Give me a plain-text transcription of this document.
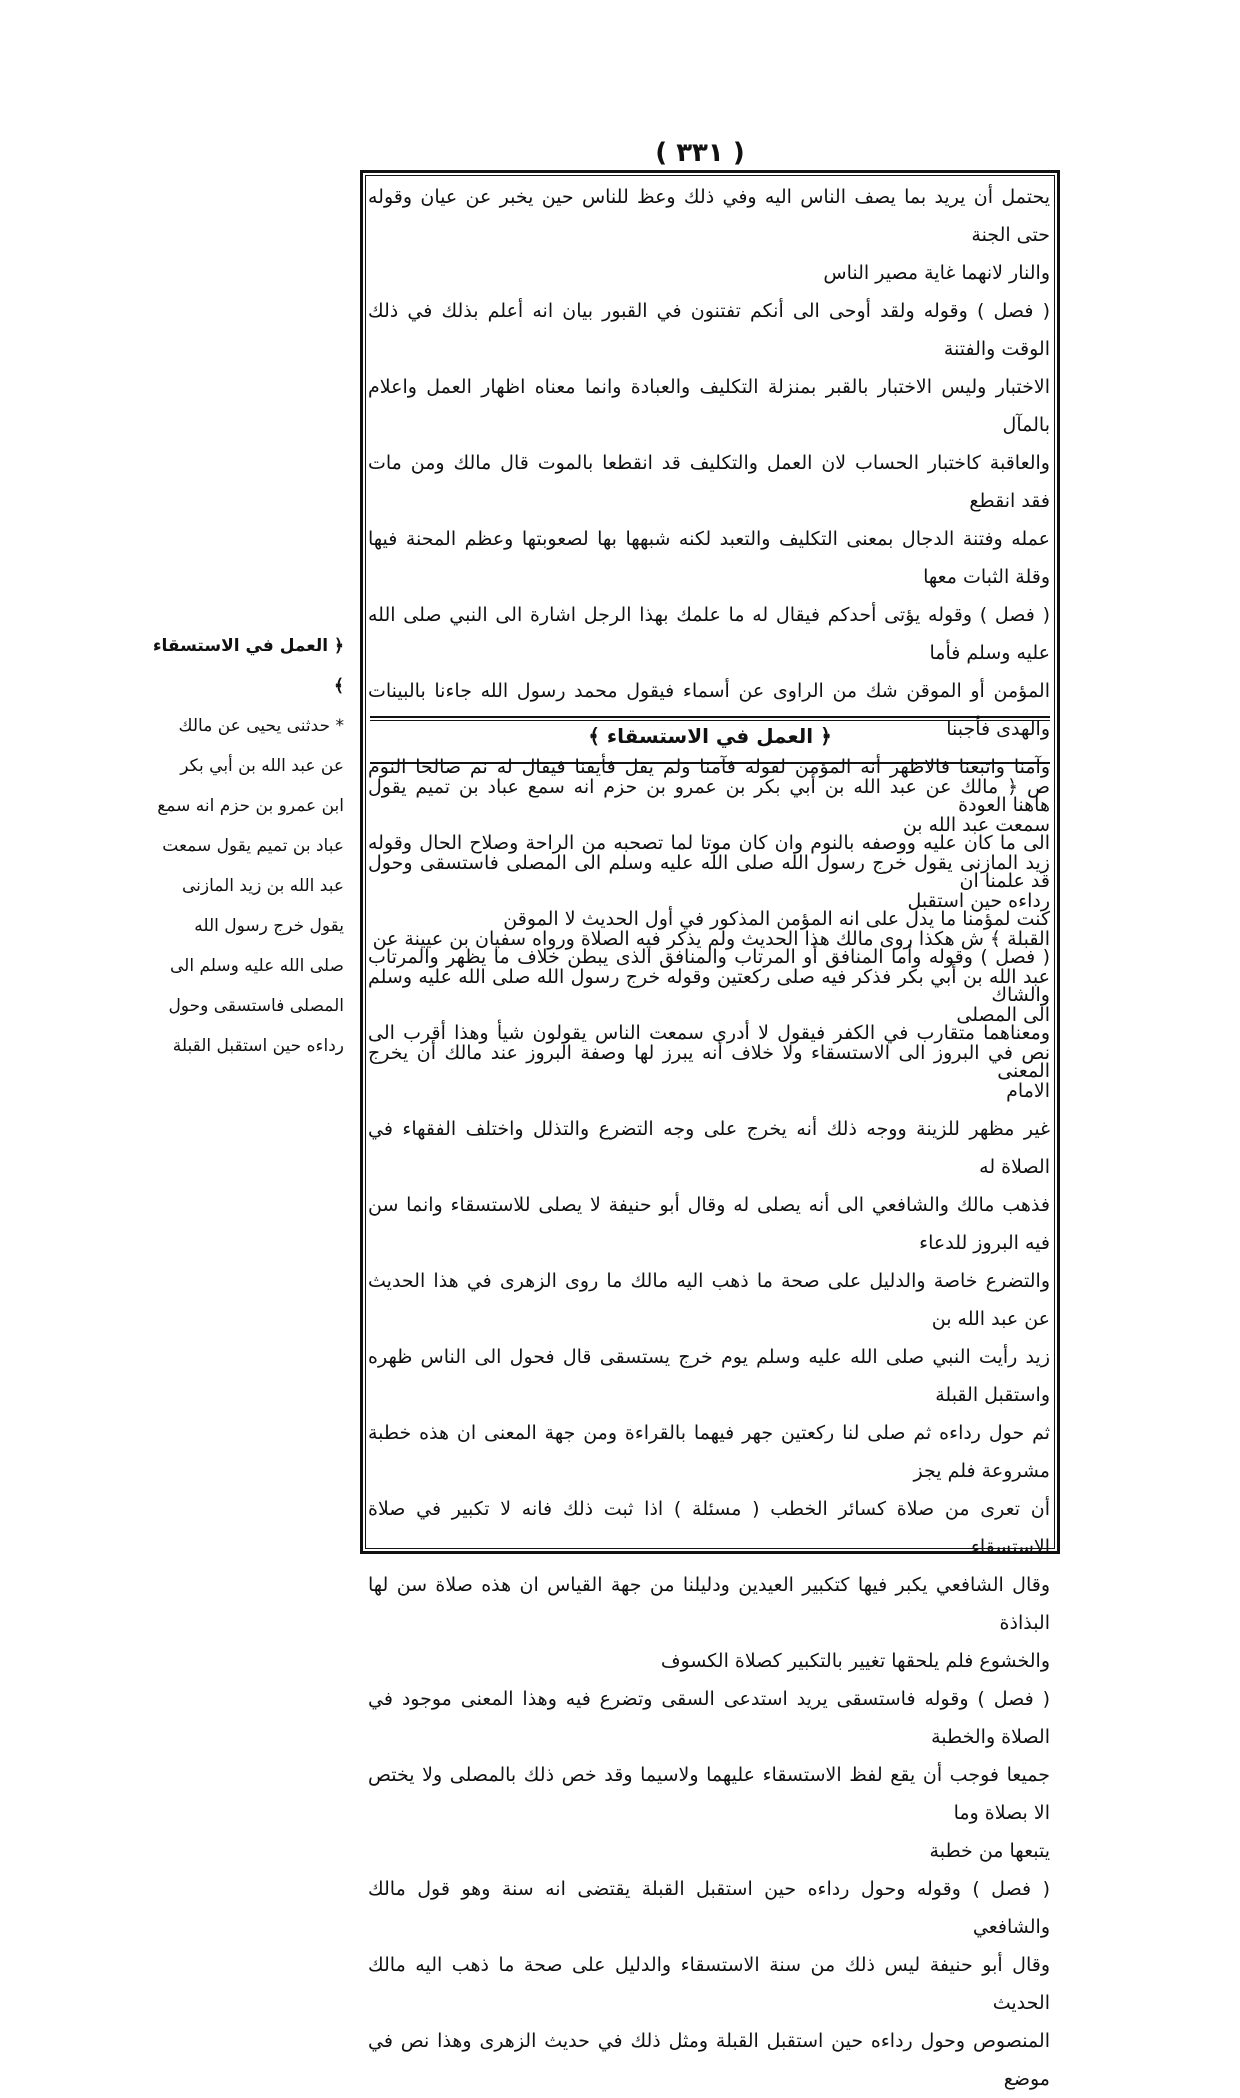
( ٣٣١ )

يحتمل أن يريد بما يصف الناس اليه وفي ذلك وعظ للناس حين يخبر عن عيان وقوله حتى الجنة

والنار لانهما غاية مصير الناس

( فصل ) وقوله ولقد أوحى الى أنكم تفتنون في القبور بيان انه أعلم بذلك في ذلك الوقت والفتنة

الاختبار وليس الاختبار بالقبر بمنزلة التكليف والعبادة وانما معناه اظهار العمل واعلام بالمآل

والعاقبة كاختبار الحساب لان العمل والتكليف قد انقطعا بالموت قال مالك ومن مات فقد انقطع

عمله وفتنة الدجال بمعنى التكليف والتعبد لكنه شبهها بها لصعوبتها وعظم المحنة فيها وقلة الثبات معها

( فصل ) وقوله يؤتى أحدكم فيقال له ما علمك بهذا الرجل اشارة الى النبي صلى الله عليه وسلم فأما

المؤمن أو الموقن شك من الراوى عن أسماء فيقول محمد رسول الله جاءنا بالبينات والهدى فأجبنا

وآمنا واتبعنا فالاظهر أنه المؤمن لقوله فآمنا ولم يقل فأيقنا فيقال له نم صالحا النوم هاهنا العودة

الى ما كان عليه ووصفه بالنوم وان كان موتا لما تصحبه من الراحة وصلاح الحال وقوله قد علمنا ان

كنت لمؤمنا ما يدل على انه المؤمن المذكور في أول الحديث لا الموقن

( فصل ) وقوله وأما المنافق أو المرتاب والمنافق الذى يبطن خلاف ما يظهر والمرتاب والشاك

ومعناهما متقارب في الكفر فيقول لا أدرى سمعت الناس يقولون شيأ وهذا أقرب الى المعنى

﴿ العمل في الاستسقاء ﴾

ص ﴿ مالك عن عبد الله بن أبي بكر بن عمرو بن حزم انه سمع عباد بن تميم يقول سمعت عبد الله بن

زيد المازنى يقول خرج رسول الله صلى الله عليه وسلم الى المصلى فاستسقى وحول رداءه حين استقبل

القبلة ﴾ ش هكذا روى مالك هذا الحديث ولم يذكر فيه الصلاة ورواه سفيان بن عيينة عن

عبد الله بن أبي بكر فذكر فيه صلى ركعتين وقوله خرج رسول الله صلى الله عليه وسلم الى المصلى

نص في البروز الى الاستسقاء ولا خلاف أنه يبرز لها وصفة البروز عند مالك أن يخرج الامام

غير مظهر للزينة ووجه ذلك أنه يخرج على وجه التضرع والتذلل واختلف الفقهاء في الصلاة له

فذهب مالك والشافعي الى أنه يصلى له وقال أبو حنيفة لا يصلى للاستسقاء وانما سن فيه البروز للدعاء

والتضرع خاصة والدليل على صحة ما ذهب اليه مالك ما روى الزهرى في هذا الحديث عن عبد الله بن

زيد رأيت النبي صلى الله عليه وسلم يوم خرج يستسقى قال فحول الى الناس ظهره واستقبل القبلة

ثم حول رداءه ثم صلى لنا ركعتين جهر فيهما بالقراءة ومن جهة المعنى ان هذه خطبة مشروعة فلم يجز

أن تعرى من صلاة كسائر الخطب ( مسئلة ) اذا ثبت ذلك فانه لا تكبير في صلاة الاستسقاء

وقال الشافعي يكبر فيها كتكبير العيدين ودليلنا من جهة القياس ان هذه صلاة سن لها البذاذة

والخشوع فلم يلحقها تغيير بالتكبير كصلاة الكسوف

( فصل ) وقوله فاستسقى يريد استدعى السقى وتضرع فيه وهذا المعنى موجود في الصلاة والخطبة

جميعا فوجب أن يقع لفظ الاستسقاء عليهما ولاسيما وقد خص ذلك بالمصلى ولا يختص الا بصلاة وما

يتبعها من خطبة

( فصل ) وقوله وحول رداءه حين استقبل القبلة يقتضى انه سنة وهو قول مالك والشافعي

وقال أبو حنيفة ليس ذلك من سنة الاستسقاء والدليل على صحة ما ذهب اليه مالك الحديث

المنصوص وحول رداءه حين استقبل القبلة ومثل ذلك في حديث الزهرى وهذا نص في موضع

﴿ العمل في الاستسقاء ﴾

* حدثنى يحيى عن مالك

عن عبد الله بن أبي بكر

ابن عمرو بن حزم انه سمع

عباد بن تميم يقول سمعت

عبد الله بن زيد المازنى

يقول خرج رسول الله

صلى الله عليه وسلم الى

المصلى فاستسقى وحول

رداءه حين استقبل القبلة
